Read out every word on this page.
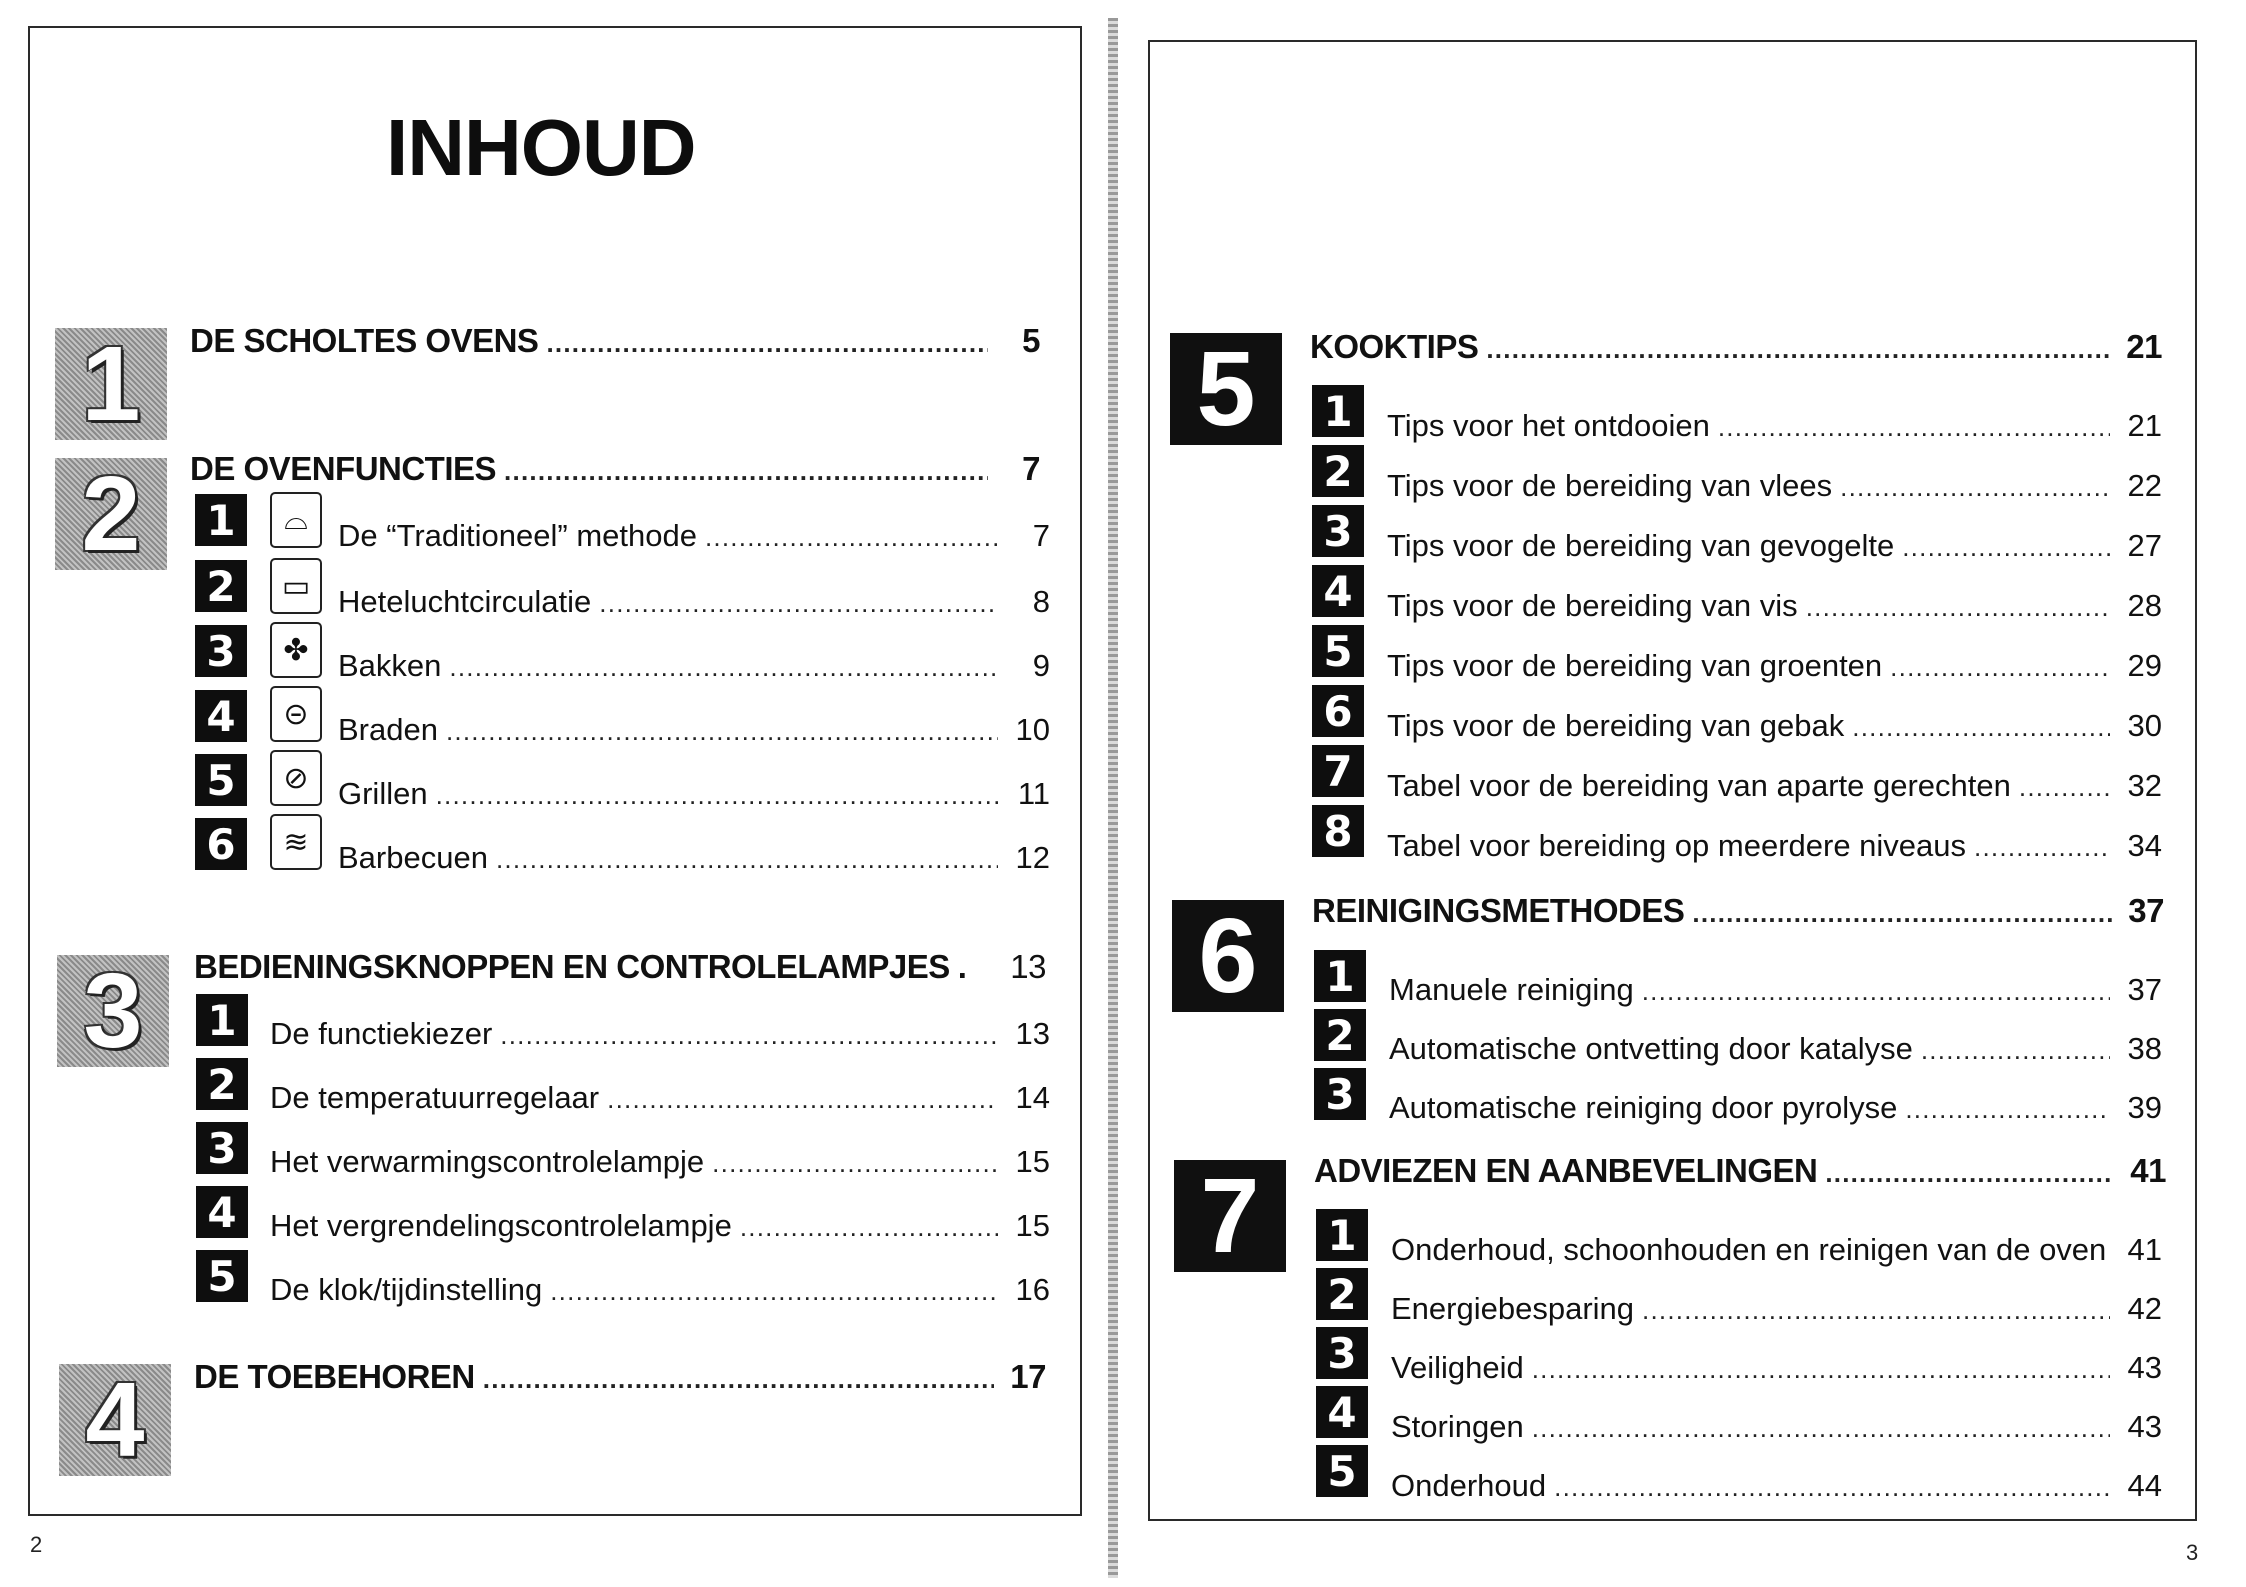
INHOUD
1	DE SCHOLTES OVENS . . .	5
2	DE OVENFUNCTIES . . .	7
1	⌓ De “Traditioneel” methode . . .	7
2	▭ Heteluchtcirculatie . . .	8
3	✤ Bakken . . .	9
4	⊝ Braden . . .	10
5	⊘ Grillen . . .	11
6	≋ Barbecuen . . .	12
3	BEDIENINGSKNOPPEN EN CONTROLELAMPJES . 13
1	De functiekiezer . . .	13
2	De temperatuurregelaar . . .	14
3	Het verwarmingscontrolelampje . . .	15
4	Het vergrendelingscontrolelampje . . .	15
5	De klok/tijdinstelling . . .	16
4	DE TOEBEHOREN . . .	17
2
5	KOOKTIPS . . .	21
1	Tips voor het ontdooien . . .	21
2	Tips voor de bereiding van vlees . . .	22
3	Tips voor de bereiding van gevogelte . . .	27
4	Tips voor de bereiding van vis . . .	28
5	Tips voor de bereiding van groenten . . .	29
6	Tips voor de bereiding van gebak . . .	30
7	Tabel voor de bereiding van aparte gerechten . . .	32
8	Tabel voor bereiding op meerdere niveaus . . .	34
6	REINIGINGSMETHODES . . .	37
1	Manuele reiniging . . .	37
2	Automatische ontvetting door katalyse . . .	38
3	Automatische reiniging door pyrolyse . . .	39
7	ADVIEZEN EN AANBEVELINGEN . . .	41
1	Onderhoud, schoonhouden en reinigen van de oven 41
2	Energiebesparing . . .	42
3	Veiligheid . . .	43
4	Storingen . . .	43
5	Onderhoud . . .	44
3
